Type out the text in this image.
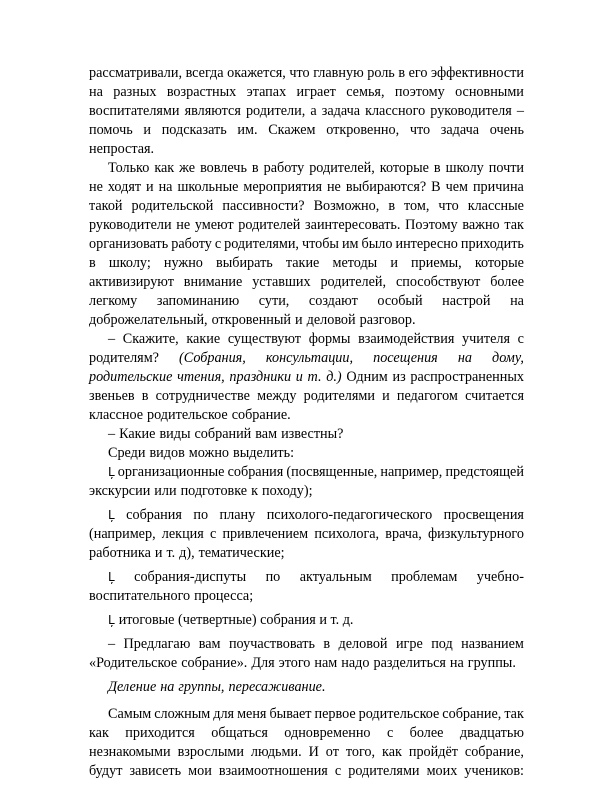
рассматривали, всегда окажется, что главную роль в его эффективности
на разных возрастных этапах играет семья, поэтому основными
воспитателями являются родители, а задача классного руководителя –
помочь и подсказать им. Скажем откровенно, что задача очень
непростая.
Только как же вовлечь в работу родителей, которые в школу почти
не ходят и на школьные мероприятия не выбираются? В чем причина
такой родительской пассивности? Возможно, в том, что классные
руководители не умеют родителей заинтересовать. Поэтому важно так
организовать работу с родителями, чтобы им было интересно приходить
в школу; нужно выбирать такие методы и приемы, которые
активизируют внимание уставших родителей, способствуют более
легкому запоминанию сути, создают особый настрой на
доброжелательный, откровенный и деловой разговор.
– Скажите, какие существуют формы взаимодействия учителя с
родителям? (Собрания, консультации, посещения на дому,
родительские чтения, праздники и т. д.) Одним из распространенных
звеньев в сотрудничестве между родителями и педагогом считается
классное родительское собрание.
– Какие виды собраний вам известны?
Среди видов можно выделить:
Ļ организационные собрания (посвященные, например, предстоящей
экскурсии или подготовке к походу);
Ļ собрания по плану психолого-педагогического просвещения
(например, лекция с привлечением психолога, врача, физкультурного
работника и т. д), тематические;
Ļ собрания-диспуты по актуальным проблемам учебно-
воспитательного процесса;
Ļ итоговые (четвертные) собрания и т. д.
– Предлагаю вам поучаствовать в деловой игре под названием
«Родительское собрание». Для этого нам надо разделиться на группы.
Деление на группы, пересаживание.
Самым сложным для меня бывает первое родительское собрание, так
как приходится общаться одновременно с более двадцатью
незнакомыми взрослыми людьми. И от того, как пройдёт собрание,
будут зависеть мои взаимоотношения с родителями моих учеников:
